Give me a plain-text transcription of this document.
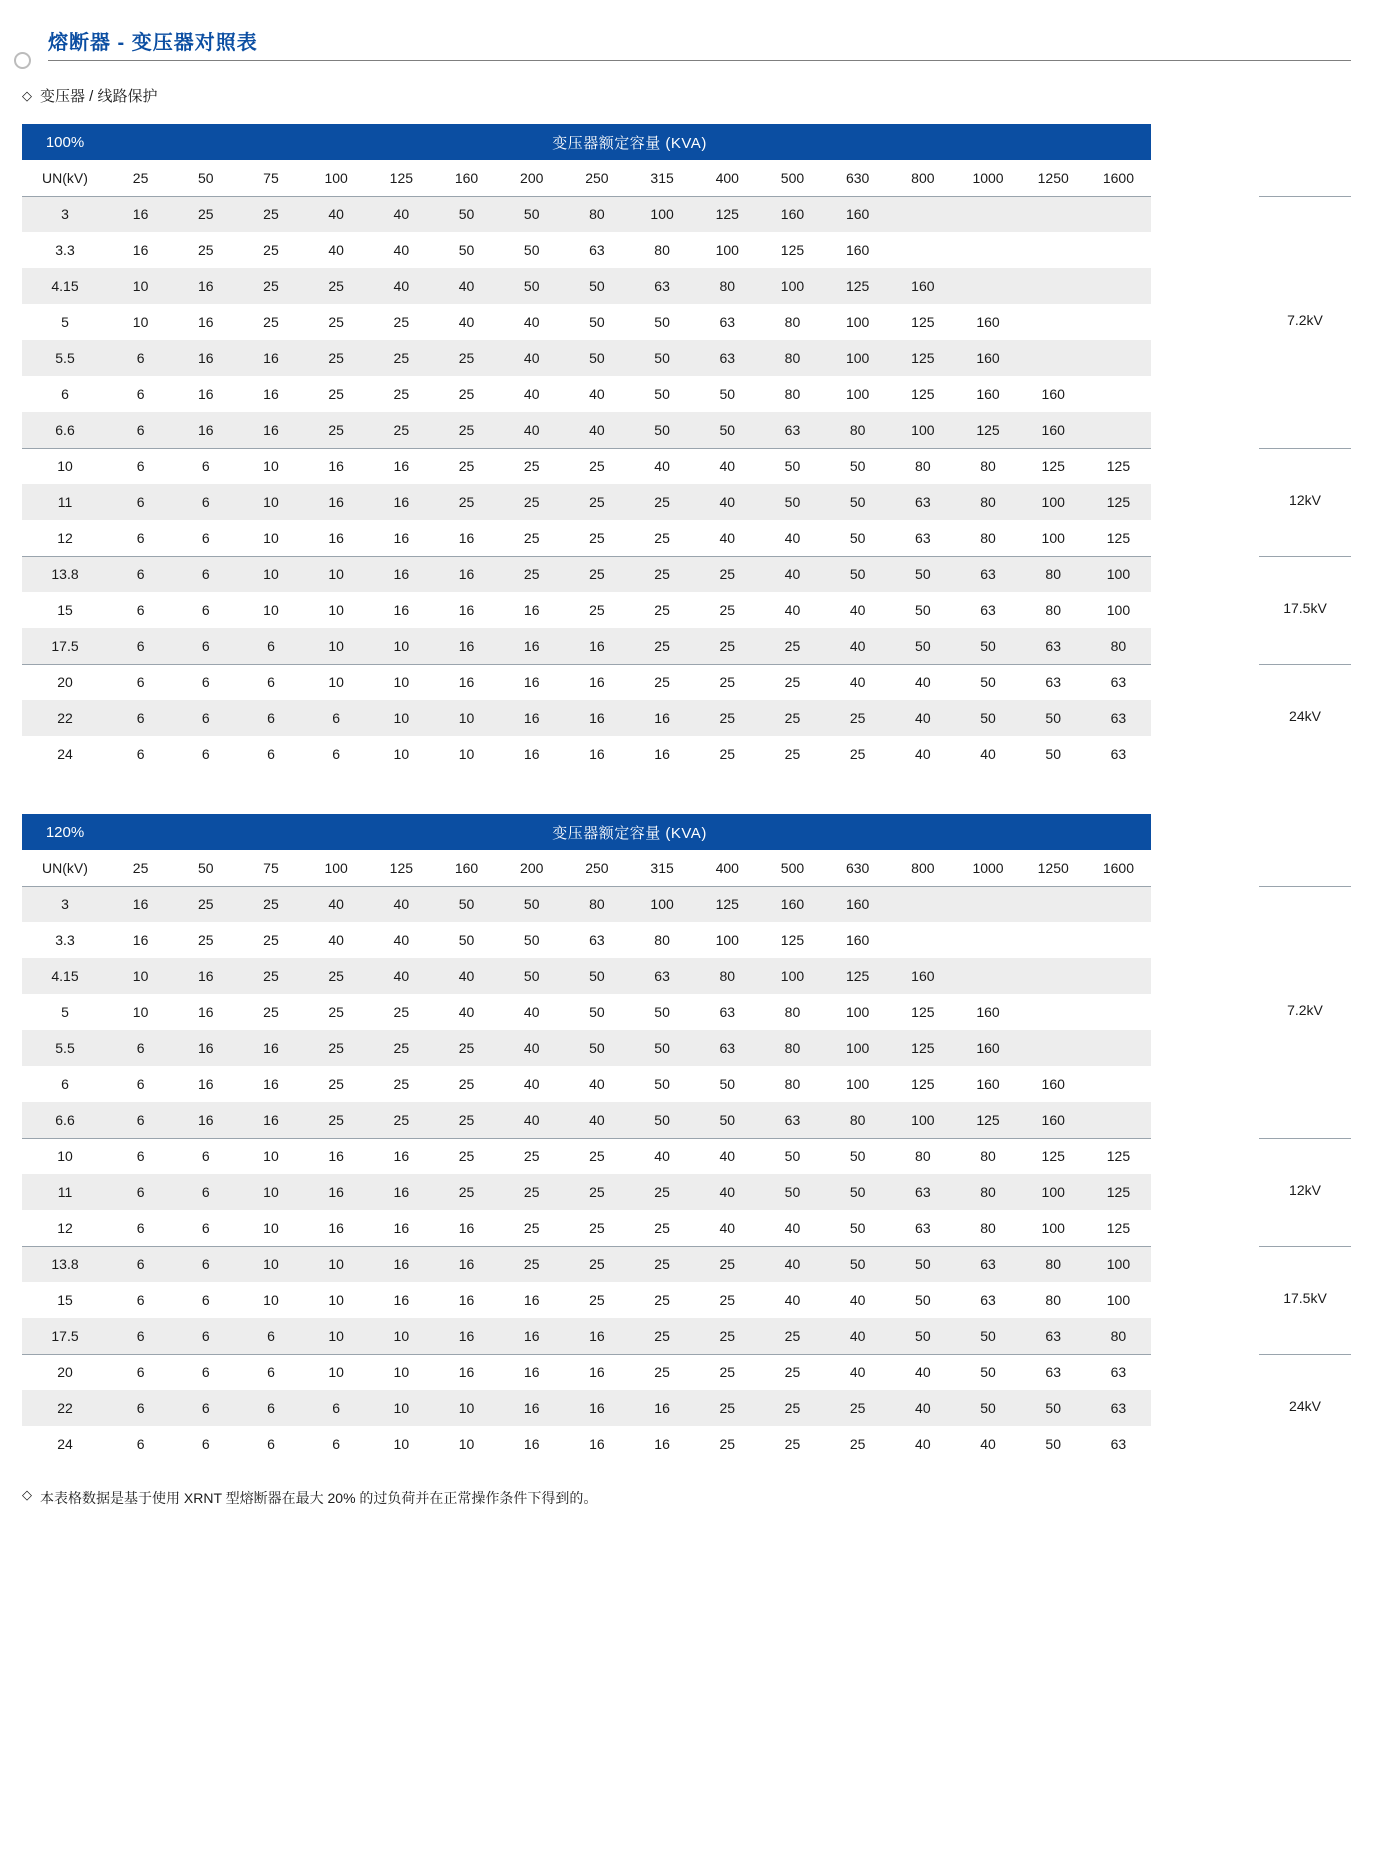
熔断器 - 变压器对照表
◇ 变压器 / 线路保护
100%	变压器额定容量 (KVA)															
UN(kV)	25	50	75	100	125	160	200	250	315	400	500	630	800	1000	1250	1600
3	16	25	25	40	40	50	50	80	100	125	160	160				
3.3	16	25	25	40	40	50	50	63	80	100	125	160				
4.15	10	16	25	25	40	40	50	50	63	80	100	125	160			
5	10	16	25	25	25	40	40	50	50	63	80	100	125	160		
5.5	6	16	16	25	25	25	40	50	50	63	80	100	125	160		
6	6	16	16	25	25	25	40	40	50	50	80	100	125	160	160	
6.6	6	16	16	25	25	25	40	40	50	50	63	80	100	125	160	
10	6	6	10	16	16	25	25	25	40	40	50	50	80	80	125	125
11	6	6	10	16	16	25	25	25	25	40	50	50	63	80	100	125
12	6	6	10	16	16	16	25	25	25	40	40	50	63	80	100	125
13.8	6	6	10	10	16	16	25	25	25	25	40	50	50	63	80	100
15	6	6	10	10	16	16	16	25	25	25	40	40	50	63	80	100
17.5	6	6	6	10	10	16	16	16	25	25	25	40	50	50	63	80
20	6	6	6	10	10	16	16	16	25	25	25	40	40	50	63	63
22	6	6	6	6	10	10	16	16	16	25	25	25	40	50	50	63
24	6	6	6	6	10	10	16	16	16	25	25	25	40	40	50	63
7.2kV
12kV
17.5kV
24kV
120%	变压器额定容量 (KVA)															
UN(kV)	25	50	75	100	125	160	200	250	315	400	500	630	800	1000	1250	1600
3	16	25	25	40	40	50	50	80	100	125	160	160				
3.3	16	25	25	40	40	50	50	63	80	100	125	160				
4.15	10	16	25	25	40	40	50	50	63	80	100	125	160			
5	10	16	25	25	25	40	40	50	50	63	80	100	125	160		
5.5	6	16	16	25	25	25	40	50	50	63	80	100	125	160		
6	6	16	16	25	25	25	40	40	50	50	80	100	125	160	160	
6.6	6	16	16	25	25	25	40	40	50	50	63	80	100	125	160	
10	6	6	10	16	16	25	25	25	40	40	50	50	80	80	125	125
11	6	6	10	16	16	25	25	25	25	40	50	50	63	80	100	125
12	6	6	10	16	16	16	25	25	25	40	40	50	63	80	100	125
13.8	6	6	10	10	16	16	25	25	25	25	40	50	50	63	80	100
15	6	6	10	10	16	16	16	25	25	25	40	40	50	63	80	100
17.5	6	6	6	10	10	16	16	16	25	25	25	40	50	50	63	80
20	6	6	6	10	10	16	16	16	25	25	25	40	40	50	63	63
22	6	6	6	6	10	10	16	16	16	25	25	25	40	50	50	63
24	6	6	6	6	10	10	16	16	16	25	25	25	40	40	50	63
7.2kV
12kV
17.5kV
24kV
◇ 本表格数据是基于使用 XRNT 型熔断器在最大 20% 的过负荷并在正常操作条件下得到的。
